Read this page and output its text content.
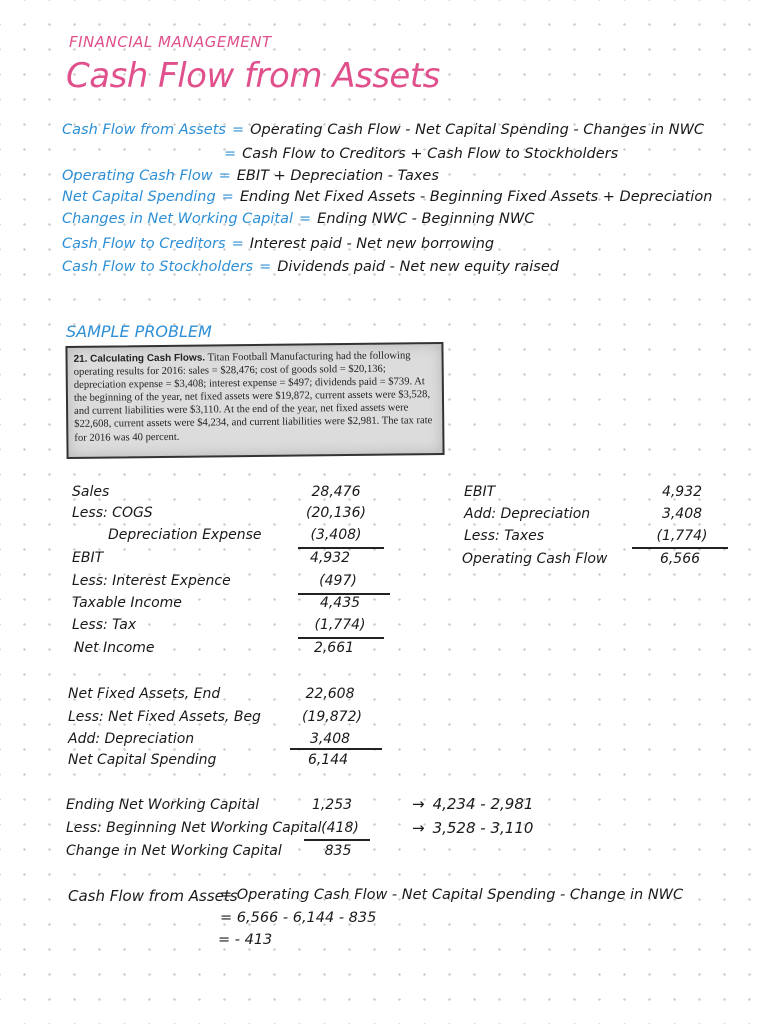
FINANCIAL MANAGEMENT
Cash Flow from Assets
Cash Flow from Assets = Operating Cash Flow - Net Capital Spending - Changes in NWC
= Cash Flow to Creditors + Cash Flow to Stockholders
Operating Cash Flow = EBIT + Depreciation - Taxes
Net Capital Spending = Ending Net Fixed Assets - Beginning Fixed Assets + Depreciation
Changes in Net Working Capital = Ending NWC - Beginning NWC
Cash Flow to Creditors = Interest paid - Net new borrowing
Cash Flow to Stockholders = Dividends paid - Net new equity raised
SAMPLE PROBLEM
21. Calculating Cash Flows. Titan Football Manufacturing had the following operating results for 2016: sales = $28,476; cost of goods sold = $20,136; depreciation expense = $3,408; interest expense = $497; dividends paid = $739. At the beginning of the year, net fixed assets were $19,872, current assets were $3,528, and current liabilities were $3,110. At the end of the year, net fixed assets were $22,608, current assets were $4,234, and current liabilities were $2,981. The tax rate for 2016 was 40 percent.
Sales	28,476
Less: COGS	(20,136)
Depreciation Expense	(3,408)
EBIT	4,932
Less: Interest Expence	(497)
Taxable Income	4,435
Less: Tax	(1,774)
Net Income	2,661
EBIT	4,932
Add: Depreciation	3,408
Less: Taxes	(1,774)
Operating Cash Flow	6,566
Net Fixed Assets, End	22,608
Less: Net Fixed Assets, Beg	(19,872)
Add: Depreciation	3,408
Net Capital Spending	6,144
Ending Net Working Capital	1,253
Less: Beginning Net Working Capital (418)
Change in Net Working Capital	835
→ 4,234 - 2,981
→ 3,528 - 3,110
Cash Flow from Assets
= Operating Cash Flow - Net Capital Spending - Change in NWC
= 6,566 - 6,144 - 835
= - 413
